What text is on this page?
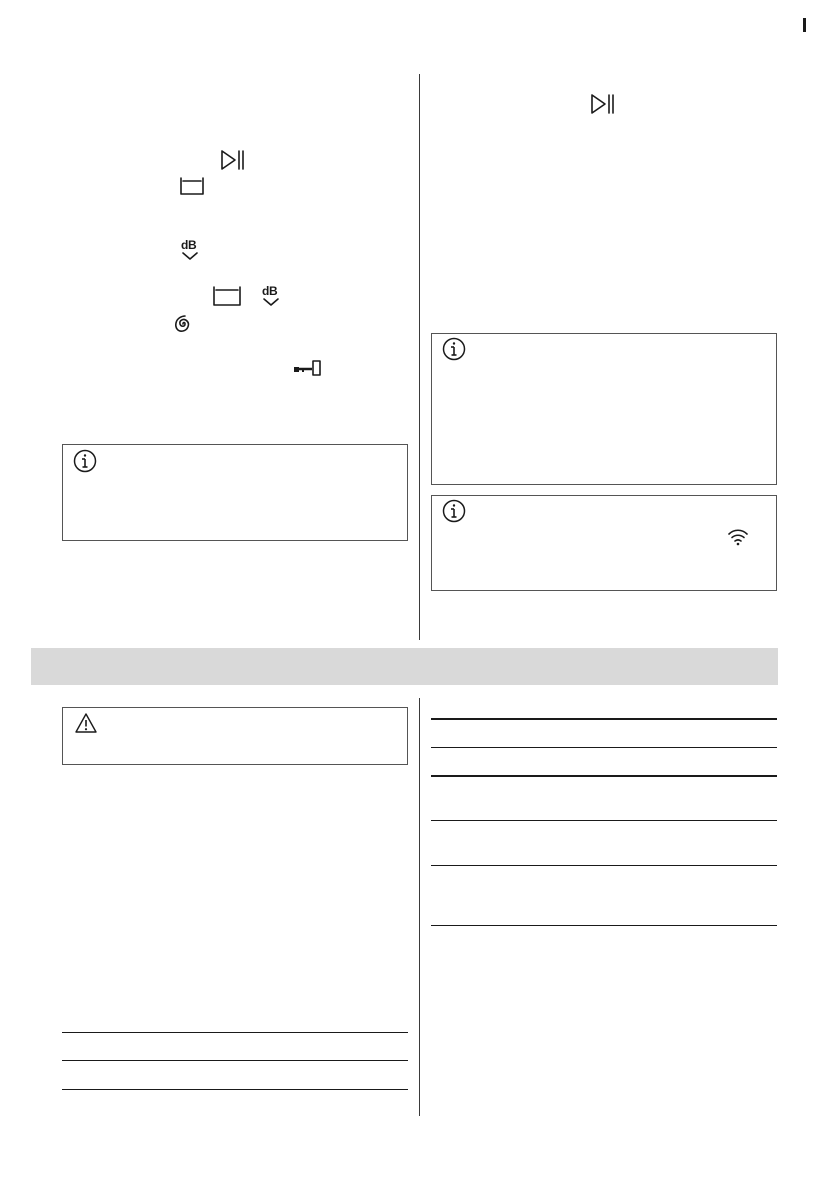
dB
dB
